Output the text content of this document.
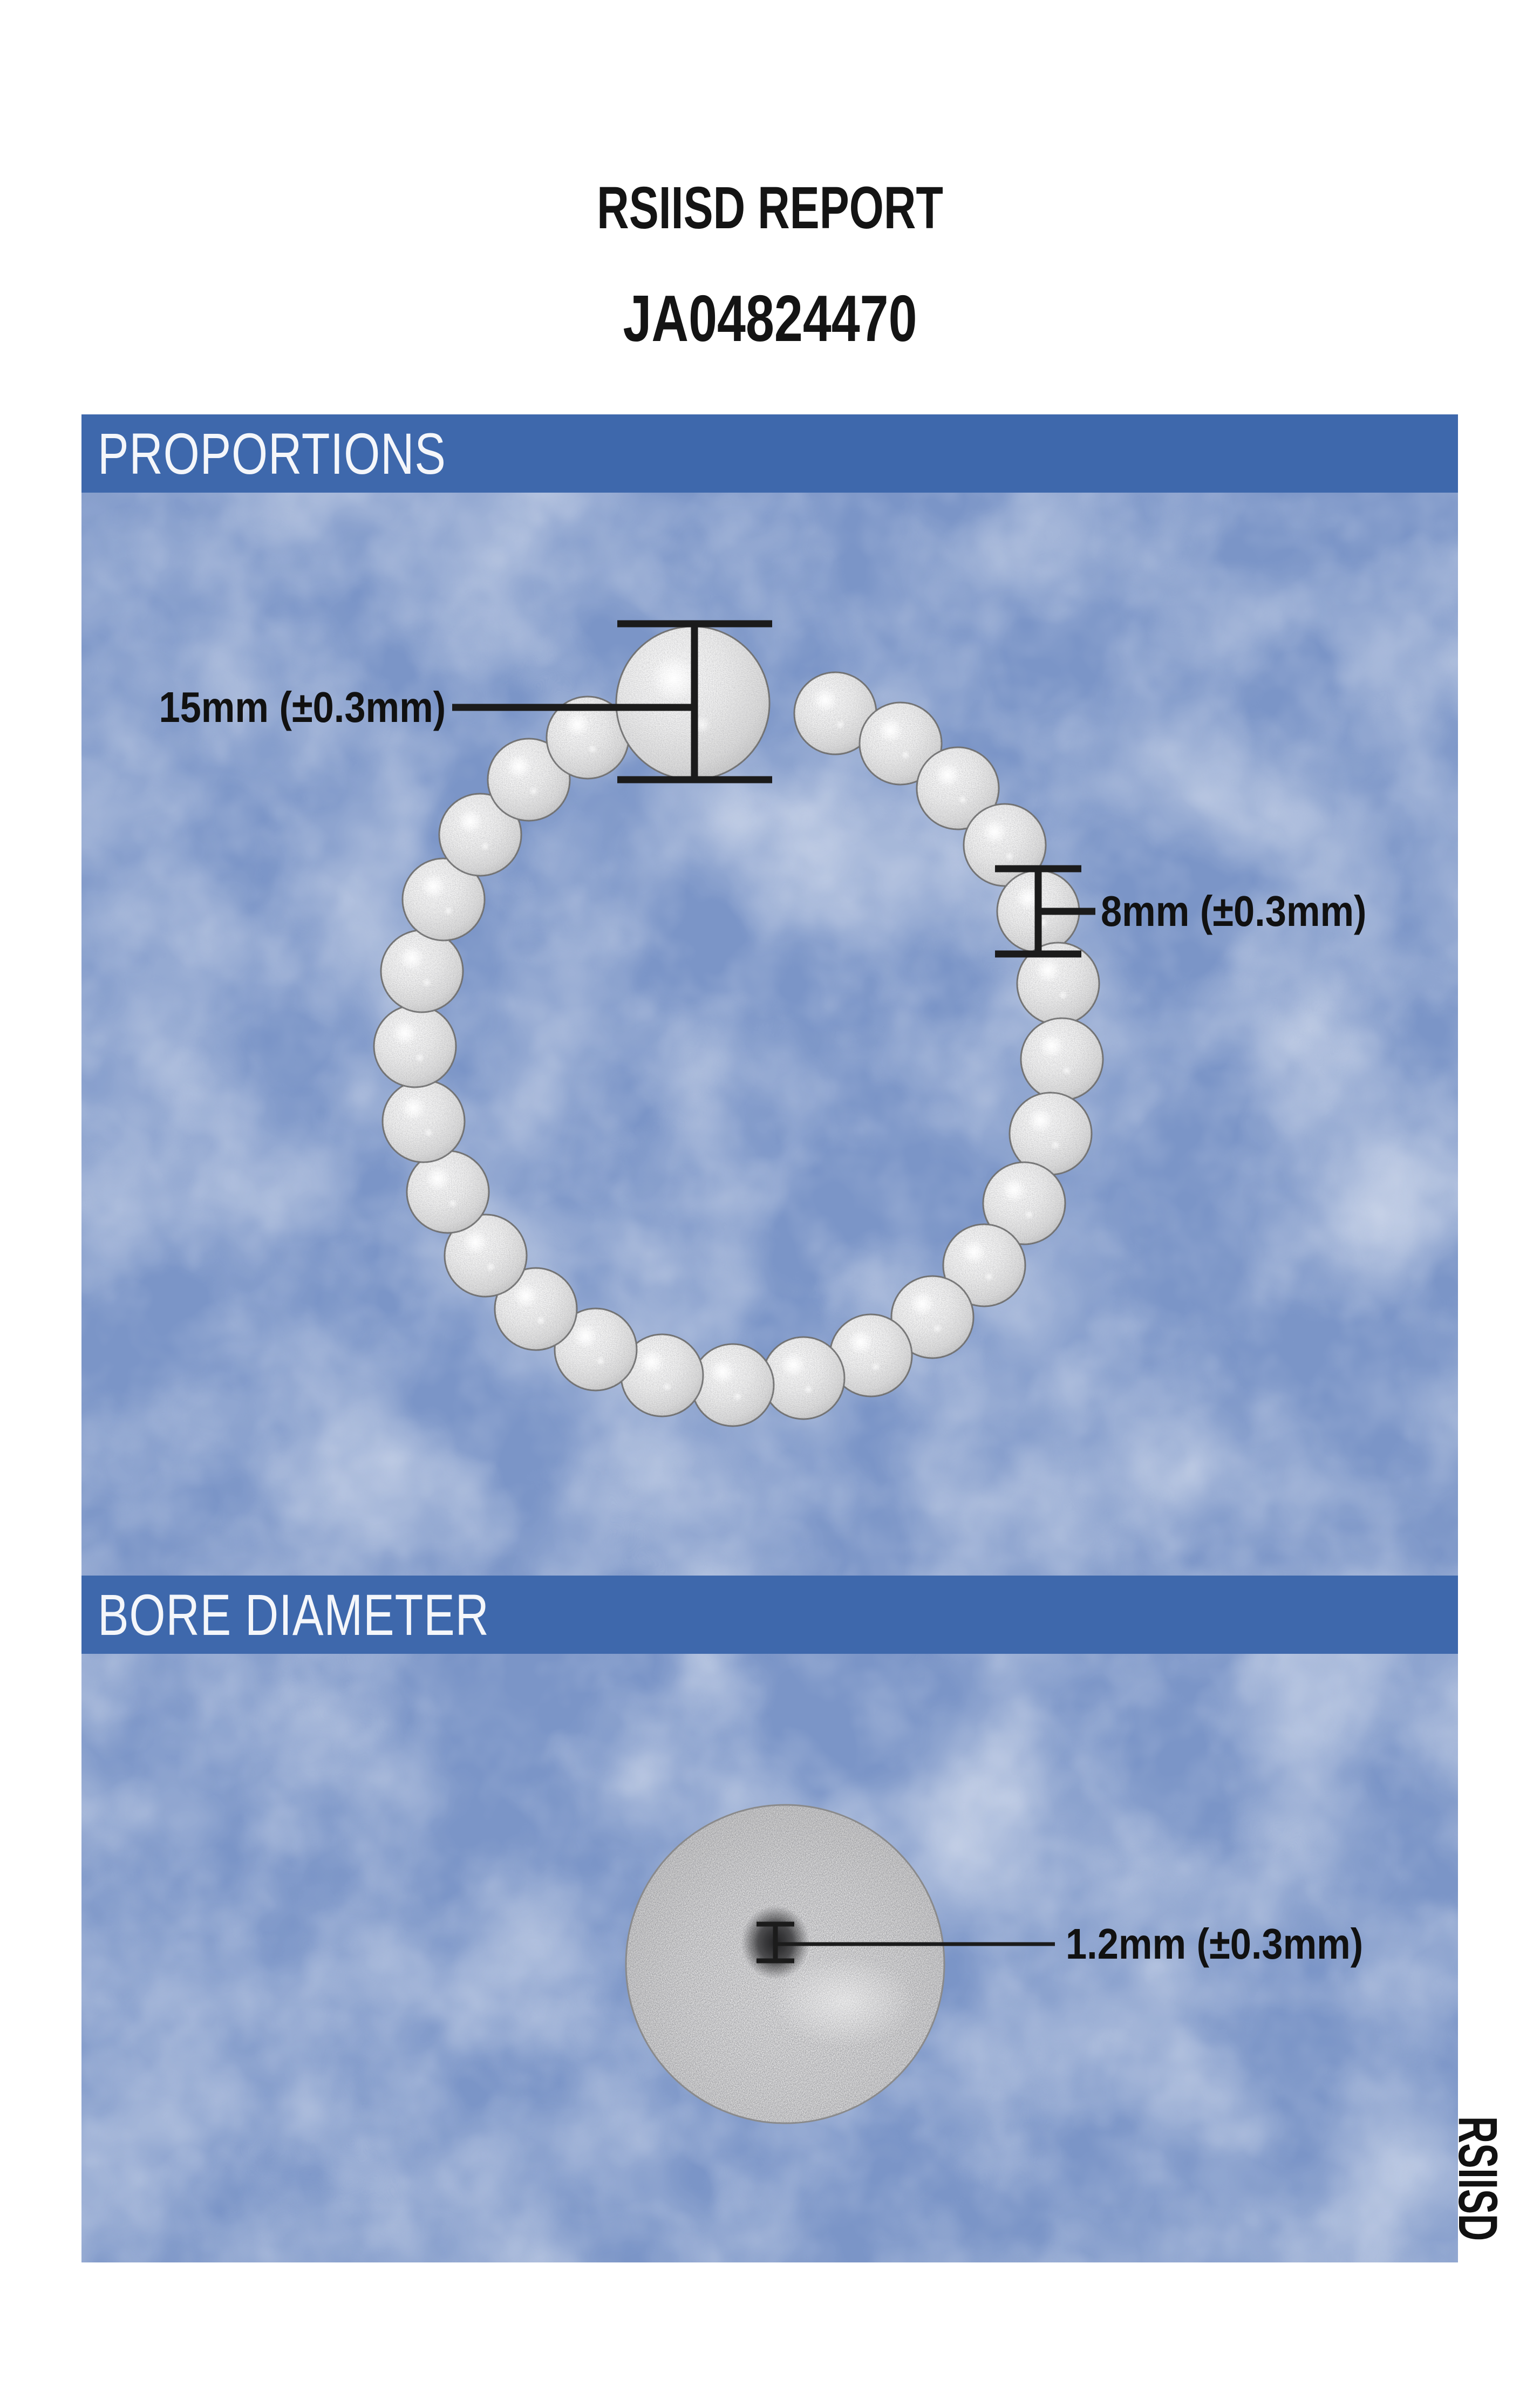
RSIISD REPORT
JA04824470
PROPORTIONS
BORE DIAMETER
15mm (±0.3mm)
8mm (±0.3mm)
1.2mm (±0.3mm)
RSIISD
